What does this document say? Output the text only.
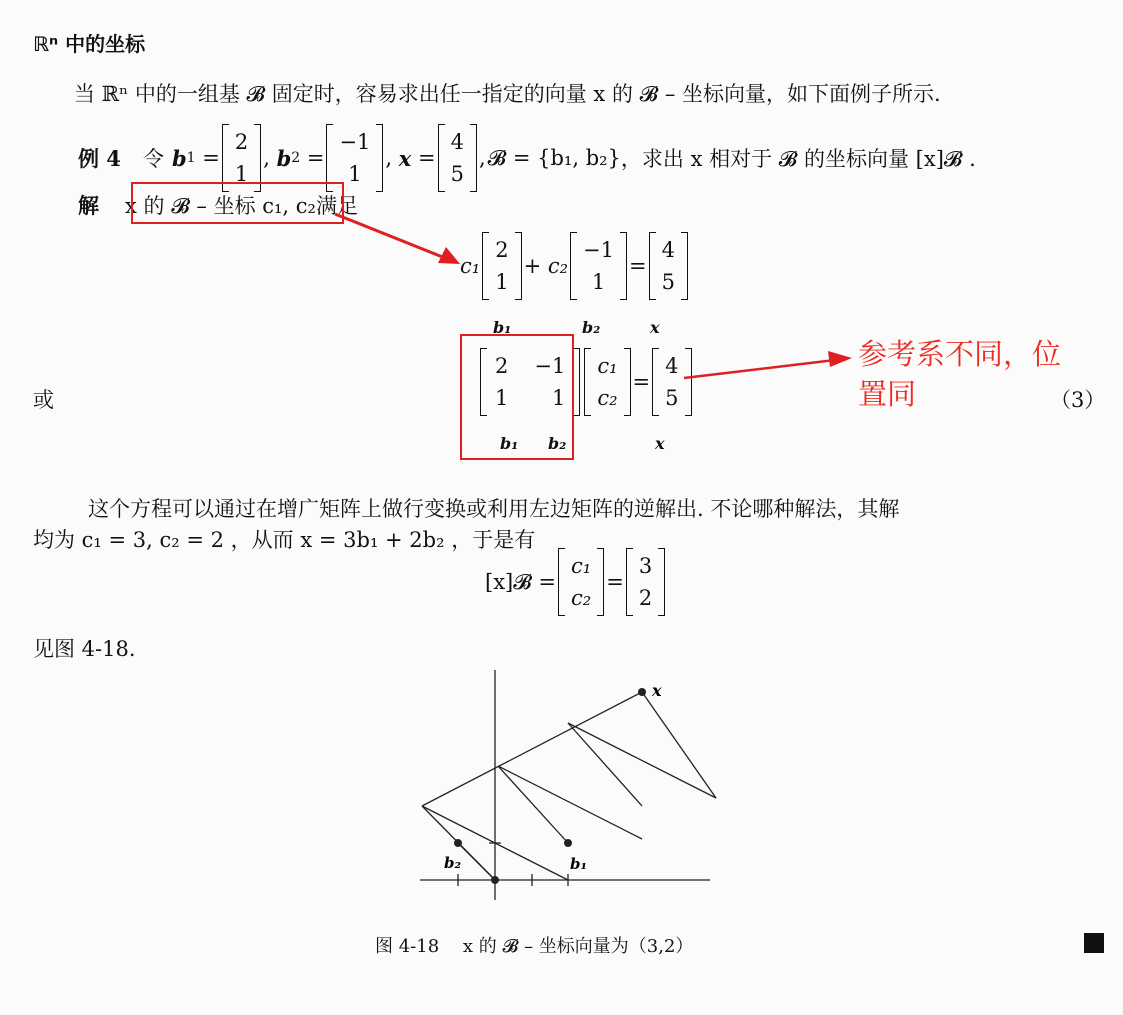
ℝⁿ 中的坐标
当 ℝⁿ 中的一组基 𝓑 固定时，容易求出任一指定的向量 x 的 𝓑 – 坐标向量，如下面例子所示.
例 4 令 b 1 =
2
1
, b 2 =
−1
1
, x =
4
5
, 𝓑 = {b₁, b₂} ，求出 x 相对于 𝓑 的坐标向量 [x]𝓑 .
解 x 的 𝓑 – 坐标 c₁, c₂ 满足
c₁
2
1
+ c₂
−1
1
=
4
5
b₁	b₂	x
或
2 −1
1	1
c₁
c₂
=
4
5
b₁ b₂	x
（3）
参考系不同，位
置同
这个方程可以通过在增广矩阵上做行变换或利用左边矩阵的逆解出. 不论哪种解法，其解
均为 c₁ = 3, c₂ = 2 ，从而 x = 3b₁ + 2b₂ ，于是有
[x]𝓑 =
c₁
c₂
=
3
2
见图 4-18.
x
b₁
b₂
图 4-18　 x 的 𝓑 – 坐标向量为（3,2）
